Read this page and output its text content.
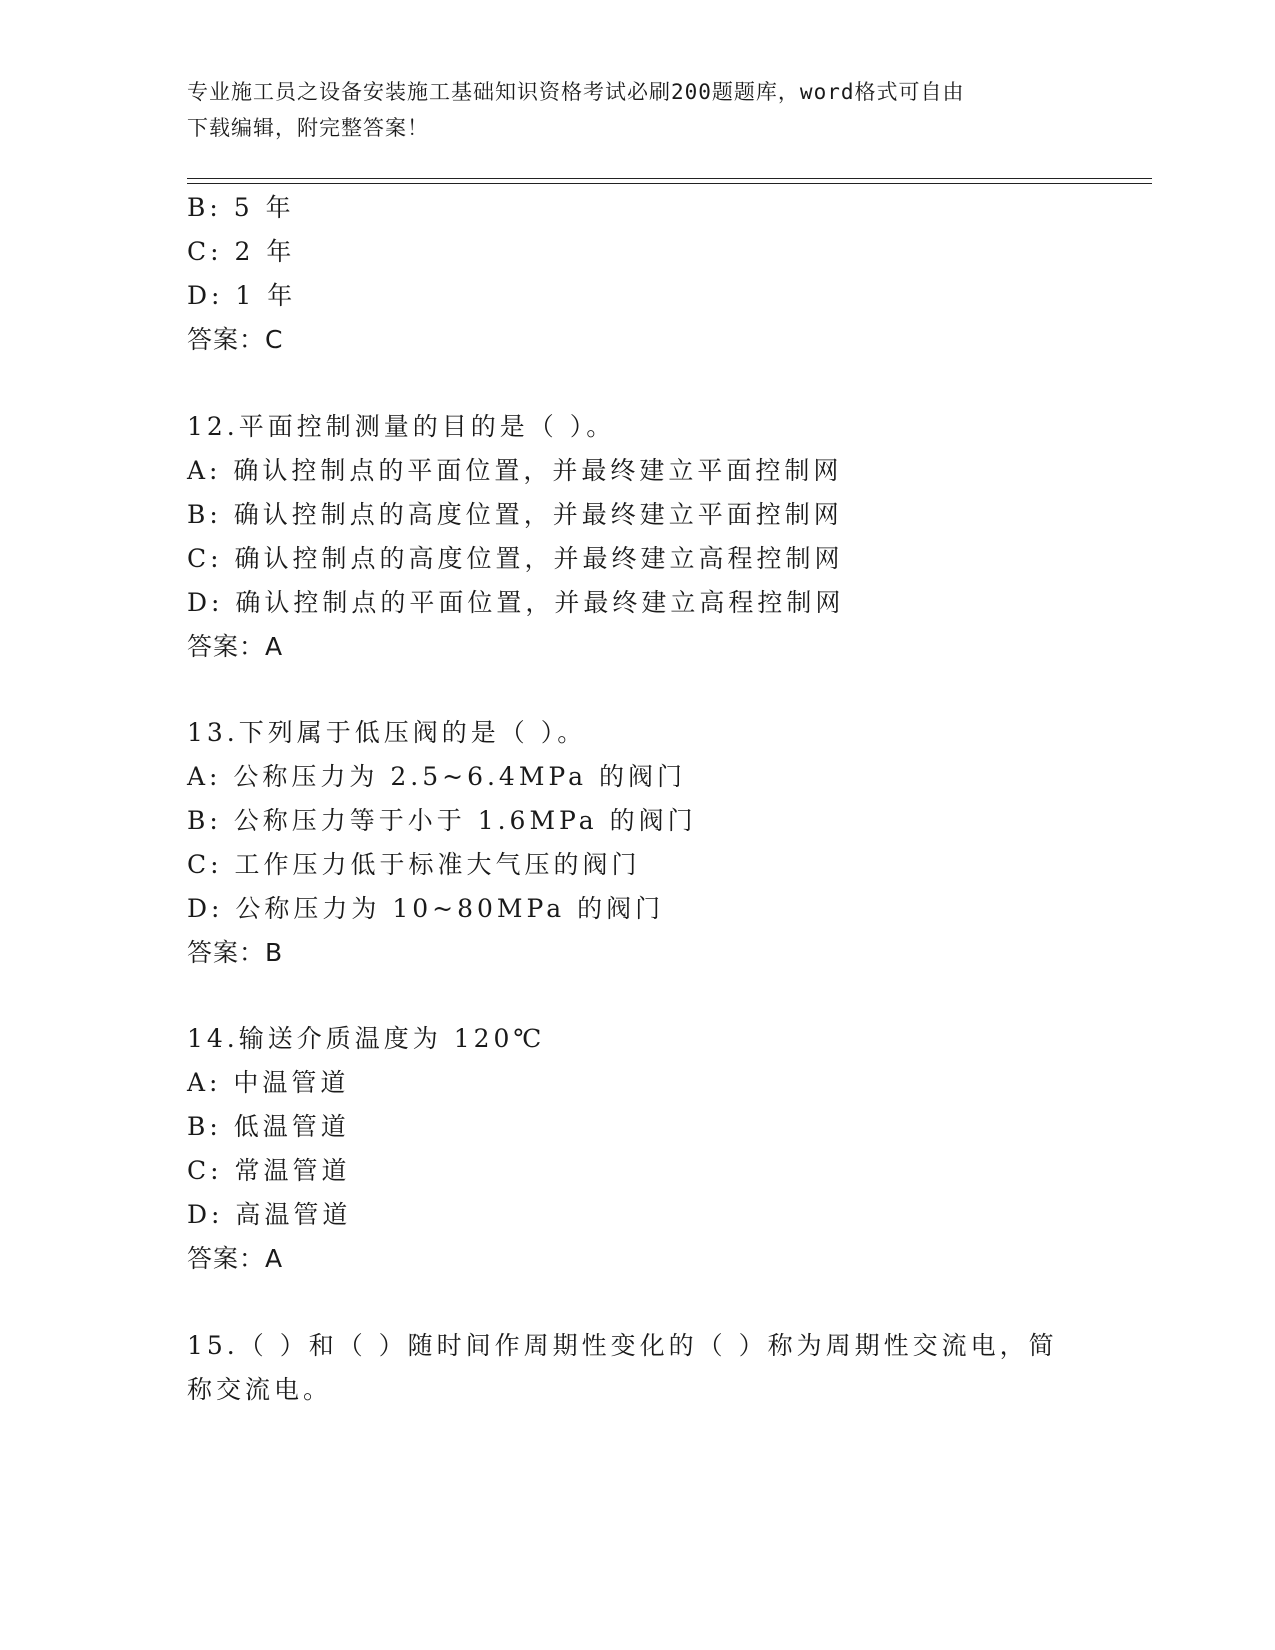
专业施工员之设备安装施工基础知识资格考试必刷200题题库，word格式可自由
下载编辑，附完整答案！
B: 5 年
C: 2 年
D: 1 年
答案：C
12.平面控制测量的目的是（ ）。
A: 确认控制点的平面位置，并最终建立平面控制网
B: 确认控制点的高度位置，并最终建立平面控制网
C: 确认控制点的高度位置，并最终建立高程控制网
D: 确认控制点的平面位置，并最终建立高程控制网
答案：A
13.下列属于低压阀的是（ ）。
A: 公称压力为 2.5~6.4MPa 的阀门
B: 公称压力等于小于 1.6MPa 的阀门
C: 工作压力低于标准大气压的阀门
D: 公称压力为 10~80MPa 的阀门
答案：B
14.输送介质温度为 120℃
A: 中温管道
B: 低温管道
C: 常温管道
D: 高温管道
答案：A
15.（ ）和（ ）随时间作周期性变化的（ ）称为周期性交流电，简
称交流电。
